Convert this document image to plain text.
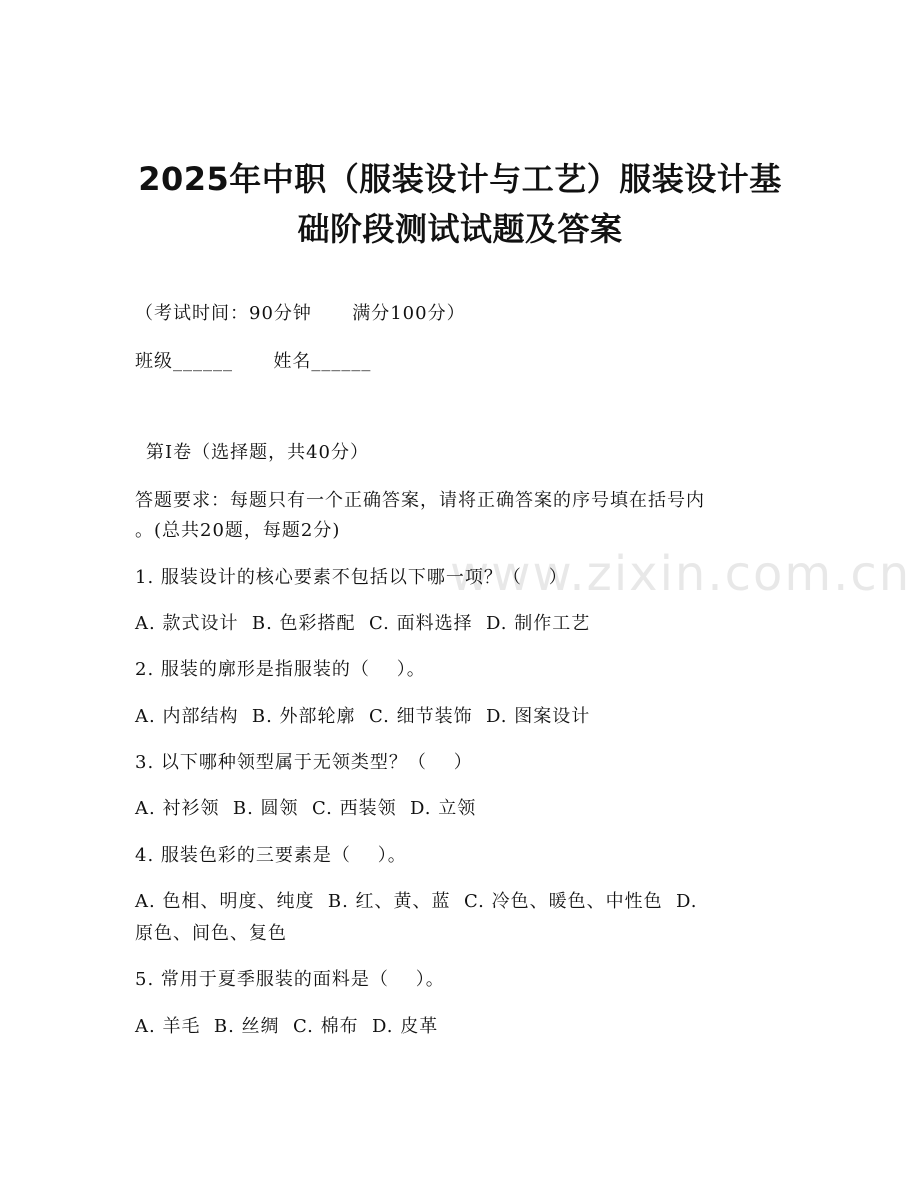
2025年中职（服装设计与工艺）服装设计基
础阶段测试试题及答案
（考试时间：90分钟      满分100分）
班级______      姓名______
第Ⅰ卷（选择题，共40分）
答题要求：每题只有一个正确答案，请将正确答案的序号填在括号内
。(总共20题，每题2分)
www.zixin.com.cn
1. 服装设计的核心要素不包括以下哪一项？（    ）
A. 款式设计  B. 色彩搭配  C. 面料选择  D. 制作工艺
2. 服装的廓形是指服装的（    ）。
A. 内部结构  B. 外部轮廓  C. 细节装饰  D. 图案设计
3. 以下哪种领型属于无领类型？（    ）
A. 衬衫领  B. 圆领  C. 西装领  D. 立领
4. 服装色彩的三要素是（    ）。
A. 色相、明度、纯度  B. 红、黄、蓝  C. 冷色、暖色、中性色  D.
原色、间色、复色
5. 常用于夏季服装的面料是（    ）。
A. 羊毛  B. 丝绸  C. 棉布  D. 皮革
